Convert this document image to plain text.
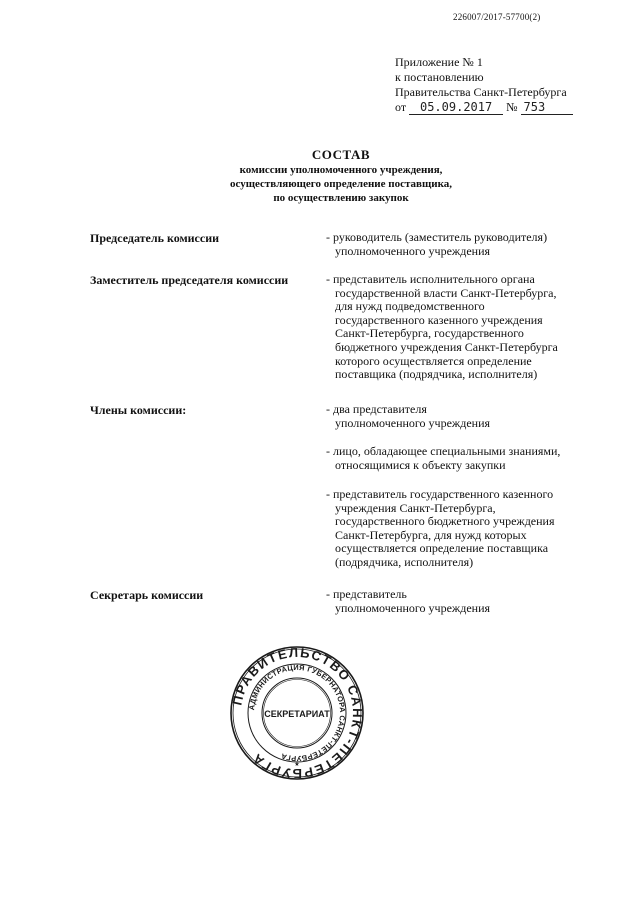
226007/2017-57700(2)
Приложение № 1
к постановлению
Правительства Санкт-Петербурга
от 05.09.2017 № 753
СОСТАВ
комиссии уполномоченного учреждения,
осуществляющего определение поставщика,
по осуществлению закупок
Председатель комиссии	- руководитель (заместитель руководителя)
уполномоченного учреждения
Заместитель председателя комиссии	- представитель исполнительного органа
государственной власти Санкт-Петербурга,
для нужд подведомственного
государственного казенного учреждения
Санкт-Петербурга, государственного
бюджетного учреждения Санкт-Петербурга
которого осуществляется определение
поставщика (подрядчика, исполнителя)
Члены комиссии:	- два представителя
уполномоченного учреждения
- лицо, обладающее специальными знаниями,
относящимися к объекту закупки
- представитель государственного казенного
учреждения Санкт-Петербурга,
государственного бюджетного учреждения
Санкт-Петербурга, для нужд которых
осуществляется определение поставщика
(подрядчика, исполнителя)
Секретарь комиссии	- представитель
уполномоченного учреждения
ПРАВИТЕЛЬСТВО САНКТ-ПЕТЕРБУРГА
АДМИНИСТРАЦИЯ ГУБЕРНАТОРА САНКТ-ПЕТЕРБУРГА
СЕКРЕТАРИАТ
★
